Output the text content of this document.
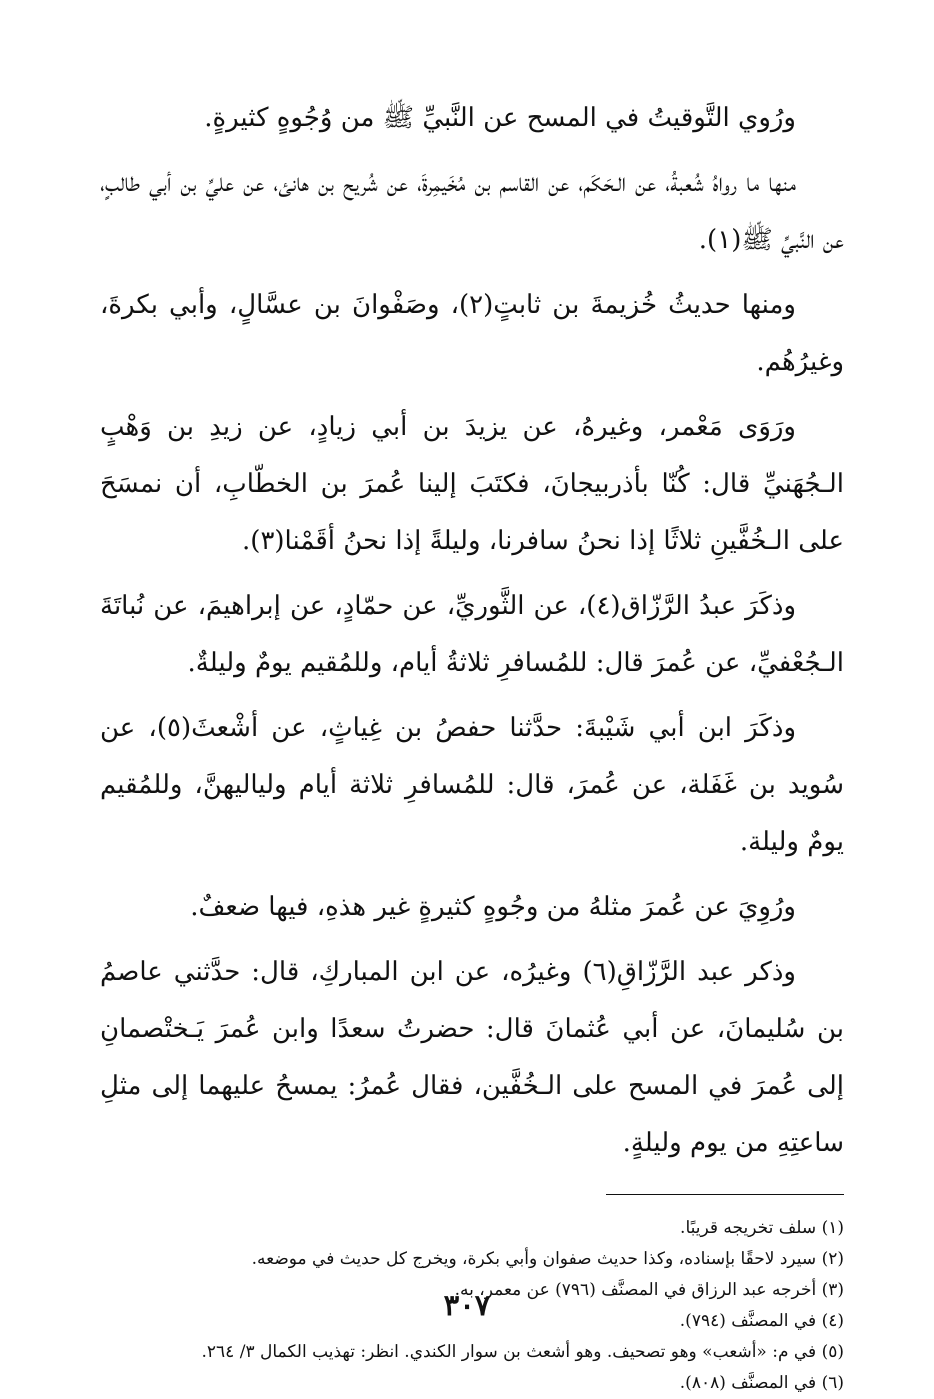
ورُوي التَّوقيتُ في المسح عن النَّبيِّ ﷺ من وُجُوهٍ كثيرةٍ.

منها ما رواهُ شُعبةُ، عن الـحَكَم، عن القاسم بن مُخَيمِرةَ، عن شُريح بن هانئ، عن عليِّ بن أبي طالبٍ، عن النَّبيِّ ﷺ(١).

ومنها حديثُ خُزيمةَ بن ثابتٍ(٢)، وصَفْوانَ بن عسَّالٍ، وأبي بكرةَ، وغيرُهُم.

ورَوَى مَعْمر، وغيرهُ، عن يزيدَ بن أبي زيادٍ، عن زيدِ بن وَهْبٍ الـجُهَنيِّ قال: كُنّا بأذربيجانَ، فكتَبَ إلينا عُمرَ بن الخطّابِ، أن نمسَحَ على الـخُفَّينِ ثلاثًا إذا نحنُ سافرنا، وليلةً إذا نحنُ أقَمْنا(٣).

وذكَرَ عبدُ الرَّزّاق(٤)، عن الثَّوريِّ، عن حمّادٍ، عن إبراهيمَ، عن نُباتَةَ الـجُعْفيِّ، عن عُمرَ قال: للمُسافرِ ثلاثةُ أيام، وللمُقيم يومٌ وليلةٌ.

وذكَرَ ابن أبي شَيْبةَ: حدَّثنا حفصُ بن غِياثٍ، عن أشْعثَ(٥)، عن سُويد بن غَفَلة، عن عُمرَ، قال: للمُسافرِ ثلاثة أيام ولياليهنَّ، وللمُقيم يومٌ وليلة.

ورُوِيَ عن عُمرَ مثلهُ من وجُوهٍ كثيرةٍ غير هذهِ، فيها ضعفٌ.

وذكر عبد الرَّزّاقِ(٦) وغيرُه، عن ابن المباركِ، قال: حدَّثني عاصمُ بن سُليمانَ، عن أبي عُثمانَ قال: حضرتُ سعدًا وابن عُمرَ يَـختْصمانِ إلى عُمرَ في المسح على الـخُفَّين، فقال عُمرُ: يمسحُ عليهما إلى مثلِ ساعتِهِ من يوم وليلةٍ.

(١) سلف تخريجه قريبًا.

(٢) سيرد لاحقًا بإسناده، وكذا حديث صفوان وأبي بكرة، ويخرج كل حديث في موضعه.

(٣) أخرجه عبد الرزاق في المصنَّف (٧٩٦) عن معمر، به.

(٤) في المصنَّف (٧٩٤).

(٥) في م: «أشعب» وهو تصحيف. وهو أشعث بن سوار الكندي. انظر: تهذيب الكمال ٣/ ٢٦٤.

(٦) في المصنَّف (٨٠٨).

٣٠٧
